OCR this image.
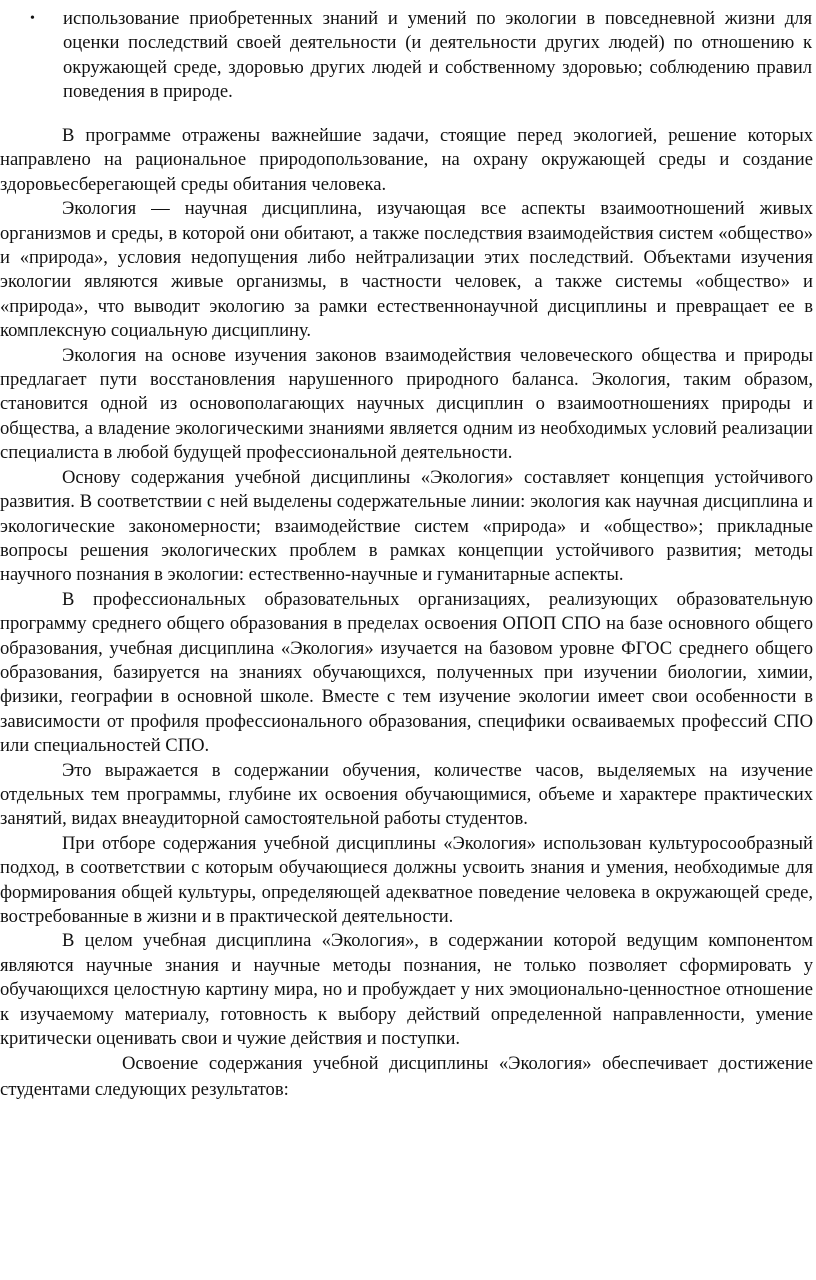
• использование приобретенных знаний и умений по экологии в повседневной жизни для оценки последствий своей деятельности (и деятельности других людей) по отношению к окружающей среде, здоровью других людей и собственному здоровью; соблюдению правил поведения в природе.

В программе отражены важнейшие задачи, стоящие перед экологией, решение которых направлено на рациональное природопользование, на охрану окружающей среды и создание здоровьесберегающей среды обитания человека.

Экология — научная дисциплина, изучающая все аспекты взаимоотношений живых организмов и среды, в которой они обитают, а также последствия взаимодействия систем «общество» и «природа», условия недопущения либо нейтрализации этих последствий. Объектами изучения экологии являются живые организмы, в частности человек, а также системы «общество» и «природа», что выводит экологию за рамки естественнонаучной дисциплины и превращает ее в комплексную социальную дисциплину.

Экология на основе изучения законов взаимодействия человеческого общества и природы предлагает пути восстановления нарушенного природного баланса. Экология, таким образом, становится одной из основополагающих научных дисциплин о взаимоотношениях природы и общества, а владение экологическими знаниями является одним из необходимых условий реализации специалиста в любой будущей профессиональной деятельности.

Основу содержания учебной дисциплины «Экология» составляет концепция устойчивого развития. В соответствии с ней выделены содержательные линии: экология как научная дисциплина и экологические закономерности; взаимодействие систем «природа» и «общество»; прикладные вопросы решения экологических проблем в рамках концепции устойчивого развития; методы научного познания в экологии: естественно-научные и гуманитарные аспекты.

В профессиональных образовательных организациях, реализующих образовательную программу среднего общего образования в пределах освоения ОПОП СПО на базе основного общего образования, учебная дисциплина «Экология» изучается на базовом уровне ФГОС среднего общего образования, базируется на знаниях обучающихся, полученных при изучении биологии, химии, физики, географии в основной школе. Вместе с тем изучение экологии имеет свои особенности в зависимости от профиля профессионального образования, специфики осваиваемых профессий СПО или специальностей СПО.

Это выражается в содержании обучения, количестве часов, выделяемых на изучение отдельных тем программы, глубине их освоения обучающимися, объеме и характере практических занятий, видах внеаудиторной самостоятельной работы студентов.

При отборе содержания учебной дисциплины «Экология» использован культуросообразный подход, в соответствии с которым обучающиеся должны усвоить знания и умения, необходимые для формирования общей культуры, определяющей адекватное поведение человека в окружающей среде, востребованные в жизни и в практической деятельности.

В целом учебная дисциплина «Экология», в содержании которой ведущим компонентом являются научные знания и научные методы познания, не только позволяет сформировать у обучающихся целостную картину мира, но и пробуждает у них эмоционально-ценностное отношение к изучаемому материалу, готовность к выбору действий определенной направленности, умение критически оценивать свои и чужие действия и поступки.

Освоение содержания учебной дисциплины «Экология» обеспечивает достижение студентами следующих результатов:
